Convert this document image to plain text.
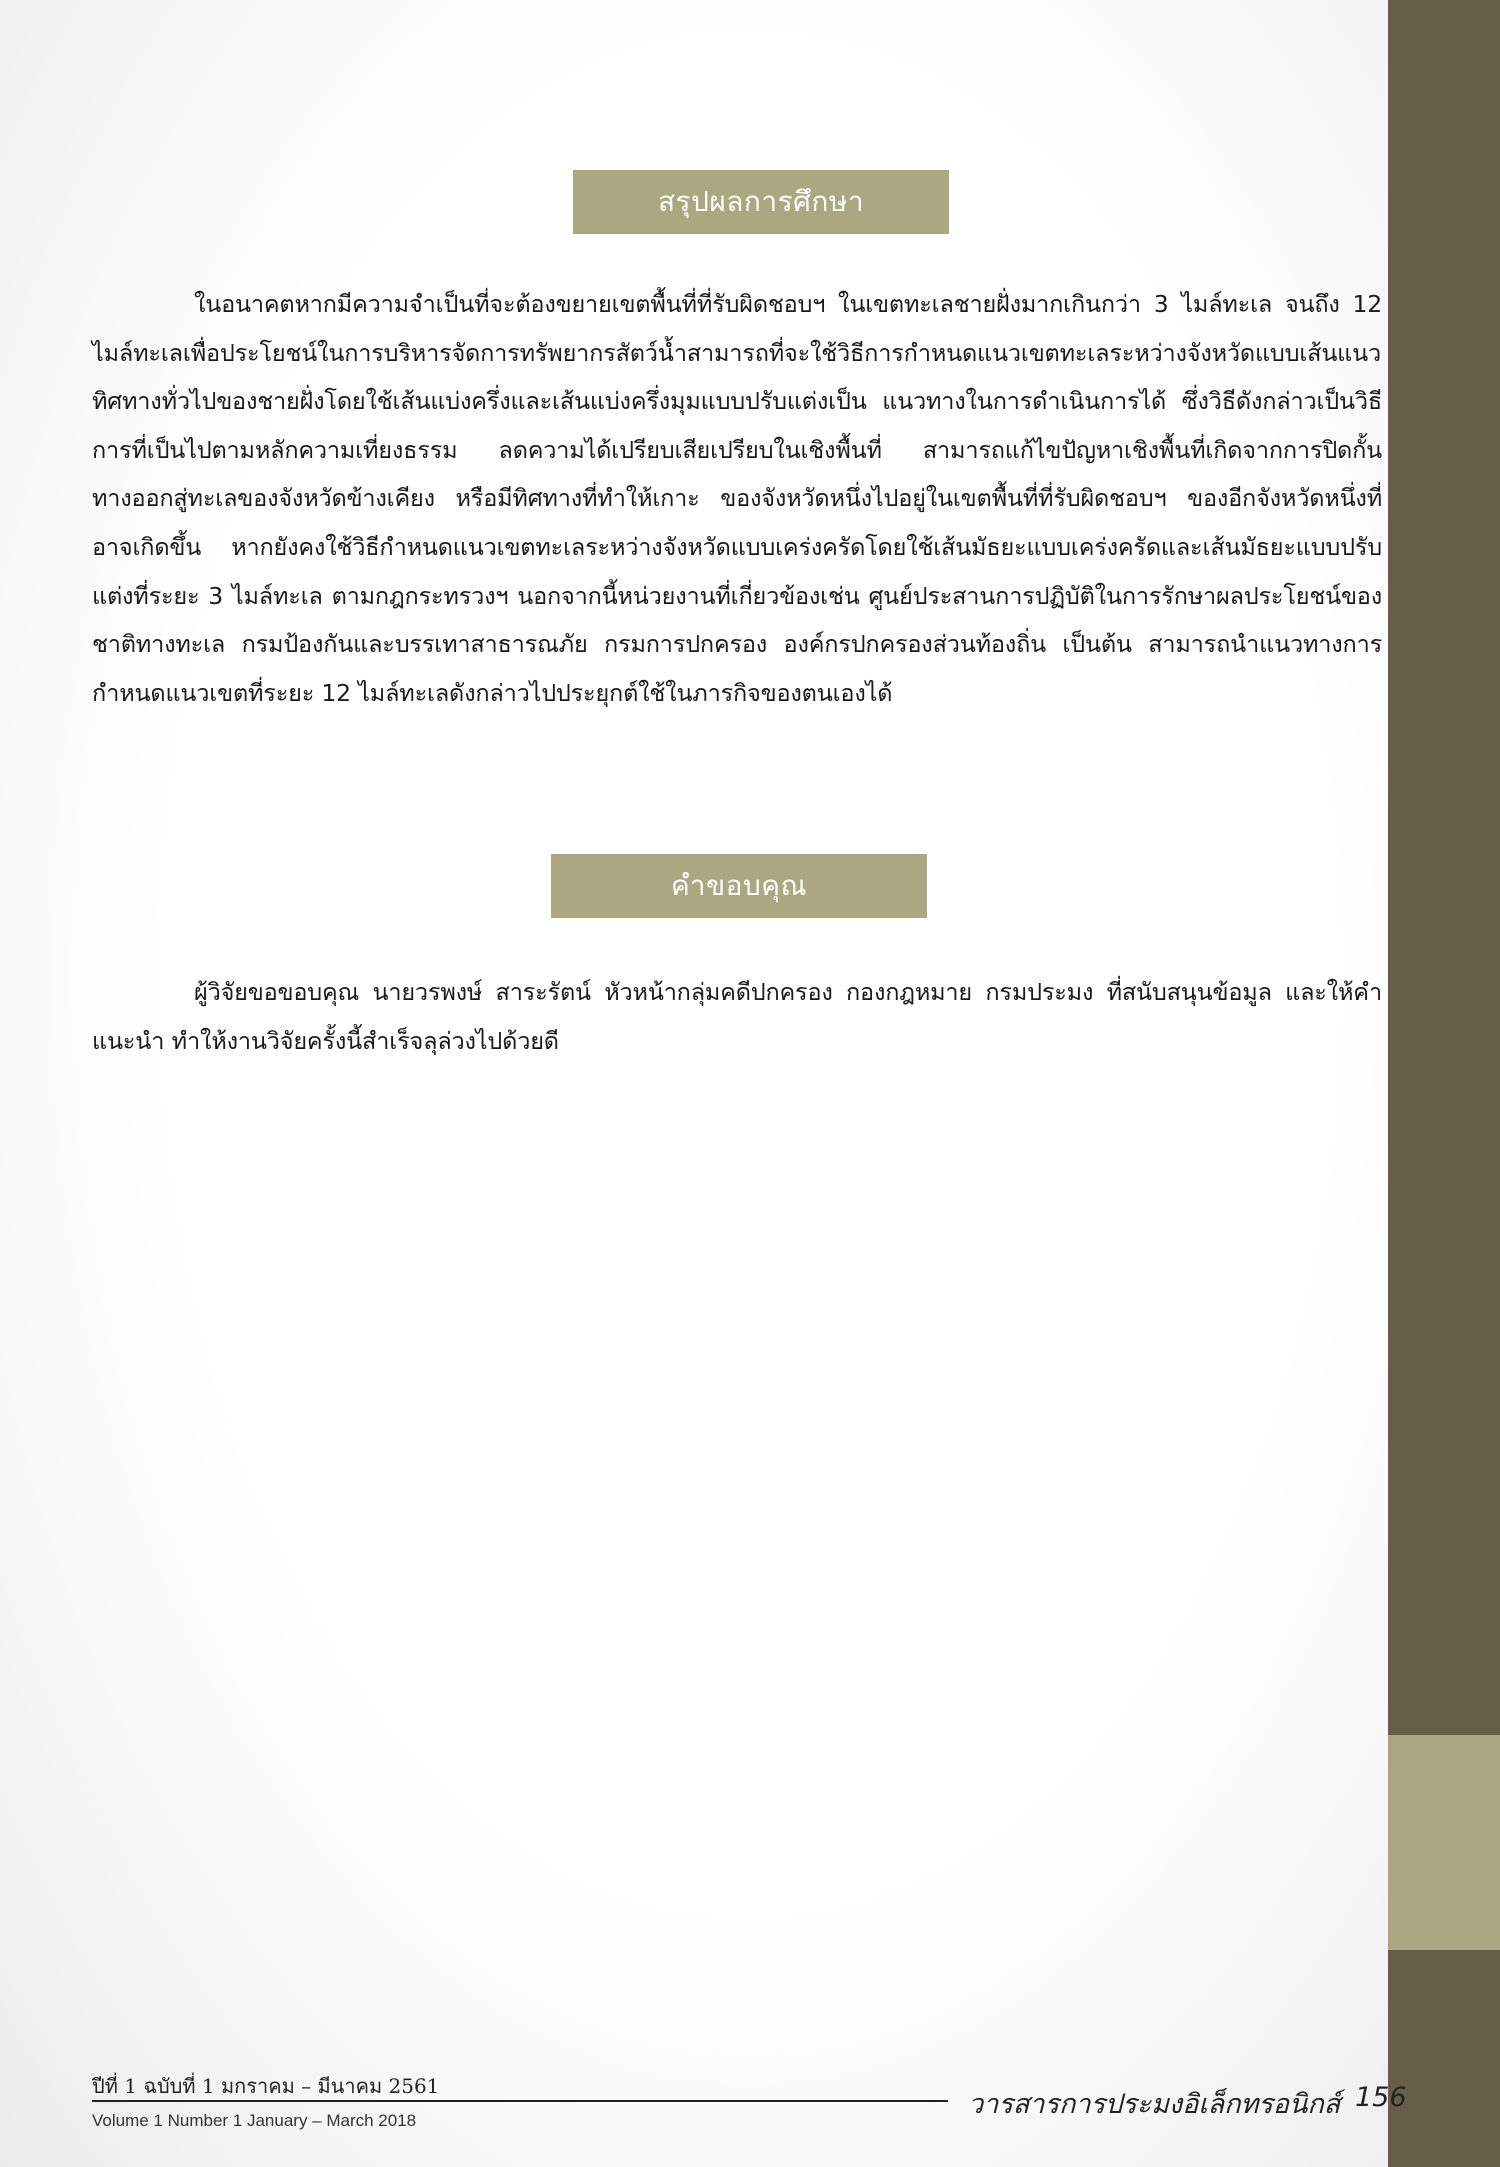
สรุปผลการศึกษา

ในอนาคตหากมีความจำเป็นที่จะต้องขยายเขตพื้นที่ที่รับผิดชอบฯ ในเขตทะเลชายฝั่งมากเกินกว่า 3 ไมล์ทะเล จนถึง 12 ไมล์ทะเลเพื่อประโยชน์ในการบริหารจัดการทรัพยากรสัตว์น้ำสามารถที่จะใช้วิธีการกำหนดแนวเขตทะเลระหว่างจังหวัดแบบเส้นแนวทิศทางทั่วไปของชายฝั่งโดยใช้เส้นแบ่งครึ่งและเส้นแบ่งครึ่งมุมแบบปรับแต่งเป็น แนวทางในการดำเนินการได้ ซึ่งวิธีดังกล่าวเป็นวิธีการที่เป็นไปตามหลักความเที่ยงธรรม ลดความได้เปรียบเสียเปรียบในเชิงพื้นที่ สามารถแก้ไขปัญหาเชิงพื้นที่เกิดจากการปิดกั้นทางออกสู่ทะเลของจังหวัดข้างเคียง หรือมีทิศทางที่ทำให้เกาะ ของจังหวัดหนึ่งไปอยู่ในเขตพื้นที่ที่รับผิดชอบฯ ของอีกจังหวัดหนึ่งที่อาจเกิดขึ้น หากยังคงใช้วิธีกำหนดแนวเขตทะเลระหว่างจังหวัดแบบเคร่งครัดโดยใช้เส้นมัธยะแบบเคร่งครัดและเส้นมัธยะแบบปรับแต่งที่ระยะ 3 ไมล์ทะเล ตามกฎกระทรวงฯ นอกจากนี้หน่วยงานที่เกี่ยวข้องเช่น ศูนย์ประสานการปฏิบัติในการรักษาผลประโยชน์ของชาติทางทะเล กรมป้องกันและบรรเทาสาธารณภัย กรมการปกครอง องค์กรปกครองส่วนท้องถิ่น เป็นต้น สามารถนำแนวทางการกำหนดแนวเขตที่ระยะ 12 ไมล์ทะเลดังกล่าวไปประยุกต์ใช้ในภารกิจของตนเองได้

คำขอบคุณ

ผู้วิจัยขอขอบคุณ นายวรพงษ์ สาระรัตน์ หัวหน้ากลุ่มคดีปกครอง กองกฎหมาย กรมประมง ที่สนับสนุนข้อมูล และให้คำแนะนำ ทำให้งานวิจัยครั้งนี้สำเร็จลุล่วงไปด้วยดี

ปีที่ 1 ฉบับที่ 1 มกราคม – มีนาคม 2561
Volume 1 Number 1 January – March 2018
วารสารการประมงอิเล็กทรอนิกส์ 156
